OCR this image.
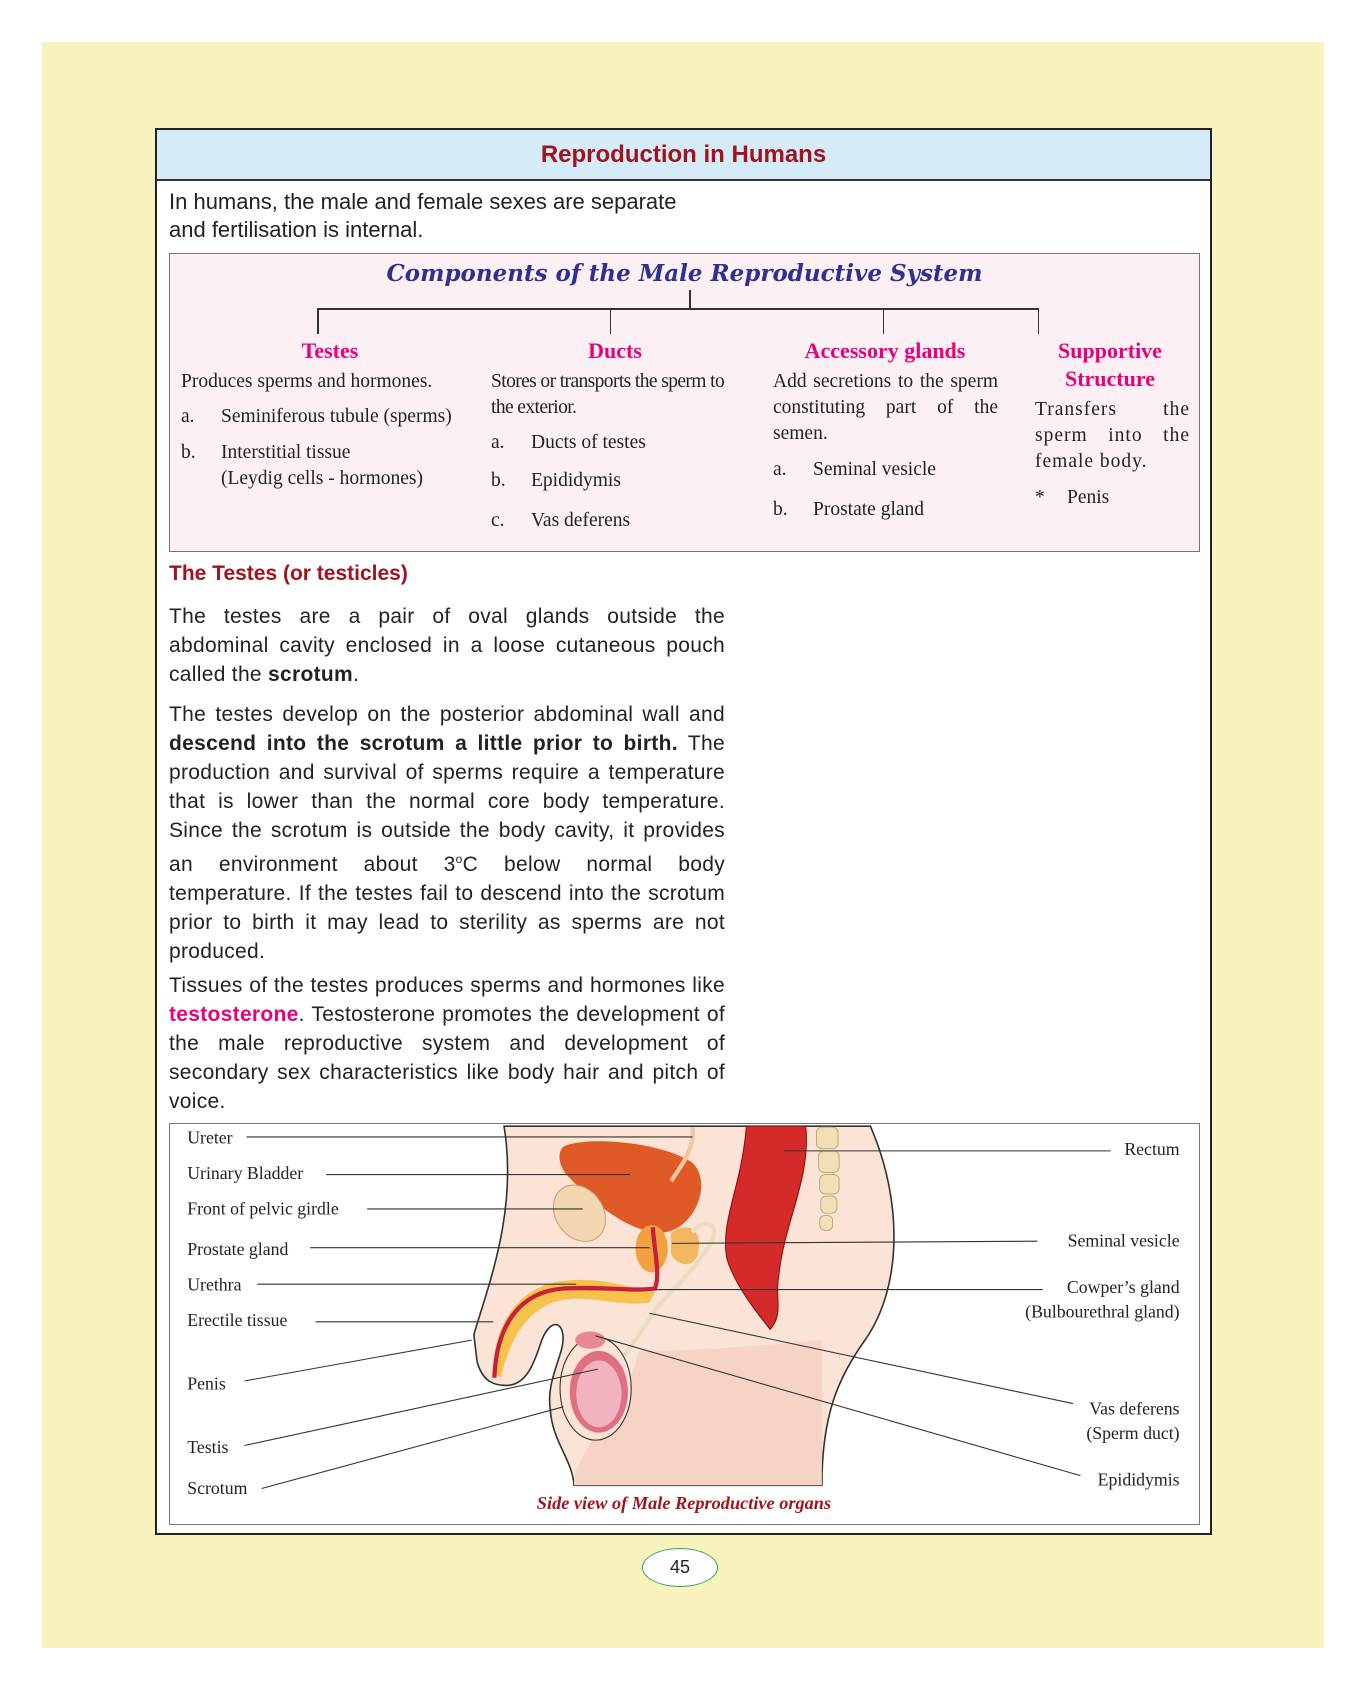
Reproduction in Humans
In humans, the male and female sexes are separate
and fertilisation is internal.
Components of the Male Reproductive System
Testes
Produces sperms and hormones.
a. Seminiferous tubule (sperms)
b. Interstitial tissue
(Leydig cells - hormones)
Ducts
Stores or transports the sperm to the exterior.
a. Ducts of testes
b. Epididymis
c. Vas deferens
Accessory glands
Add secretions to the sperm constituting part of the semen.
a. Seminal vesicle
b. Prostate gland
Supportive Structure
Transfers the sperm into the female body.
* Penis
The Testes (or testicles)
The testes are a pair of oval glands outside the abdominal cavity enclosed in a loose cutaneous pouch called the scrotum.
The testes develop on the posterior abdominal wall and descend into the scrotum a little prior to birth. The production and survival of sperms require a temperature that is lower than the normal core body temperature. Since the scrotum is outside the body cavity, it provides an environment about 3$^o$C below normal body temperature. If the testes fail to descend into the scrotum prior to birth it may lead to sterility as sperms are not produced.
Tissues of the testes produces sperms and hormones like testosterone. Testosterone promotes the development of the male reproductive system and development of secondary sex characteristics like body hair and pitch of voice.
Ureter
Urinary Bladder
Front of pelvic girdle
Prostate gland
Urethra
Erectile tissue
Penis
Testis
Scrotum
Rectum
Seminal vesicle
Cowper’s gland
(Bulbourethral gland)
Vas deferens
(Sperm duct)
Epididymis
Side view of Male Reproductive organs
45
